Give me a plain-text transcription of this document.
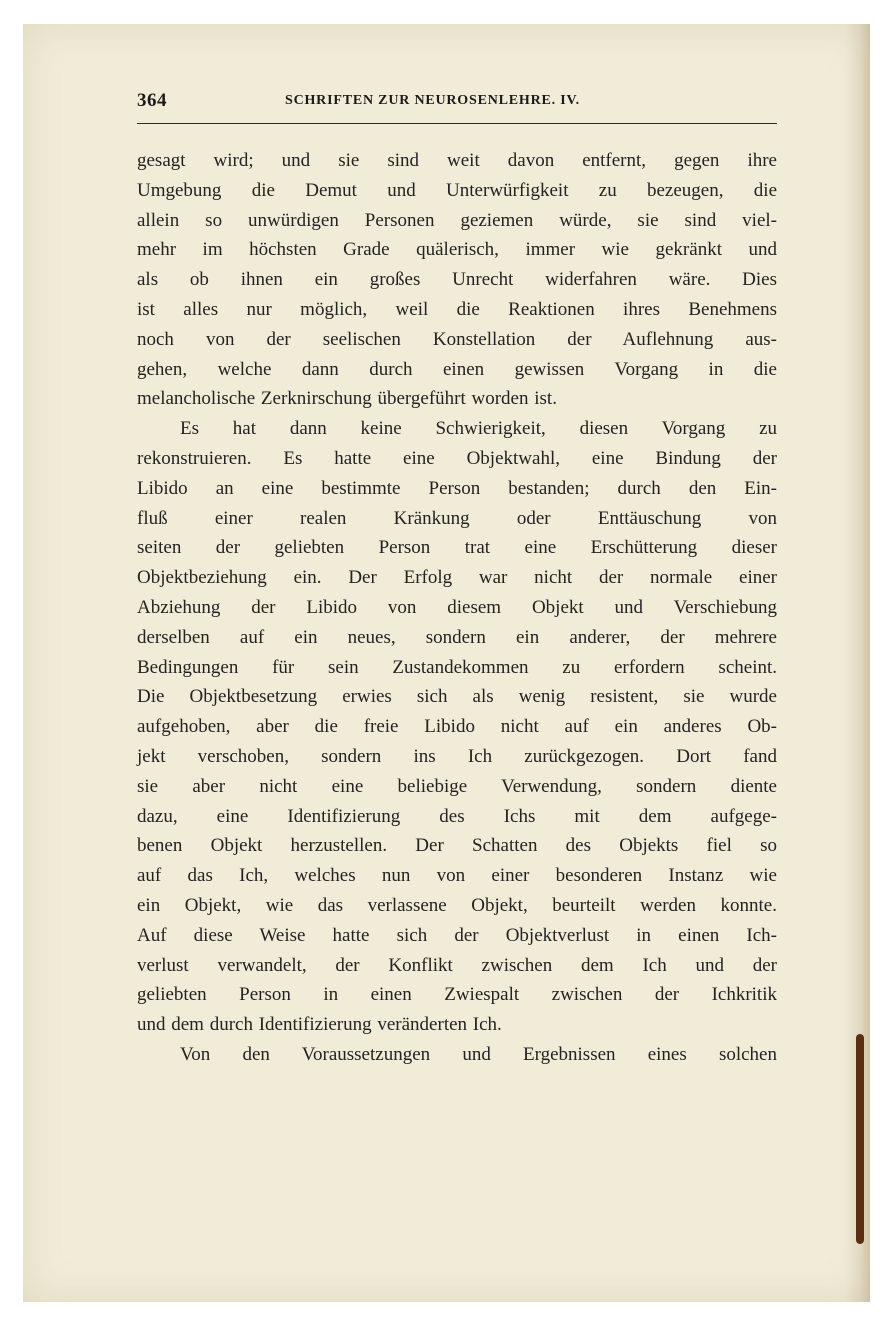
364	SCHRIFTEN ZUR NEUROSENLEHRE. IV.
gesagt wird; und sie sind weit davon entfernt, gegen ihre
Umgebung die Demut und Unterwürfigkeit zu bezeugen, die
allein so unwürdigen Personen geziemen würde, sie sind viel-
mehr im höchsten Grade quälerisch, immer wie gekränkt und
als ob ihnen ein großes Unrecht widerfahren wäre. Dies
ist alles nur möglich, weil die Reaktionen ihres Benehmens
noch von der seelischen Konstellation der Auflehnung aus-
gehen, welche dann durch einen gewissen Vorgang in die
melancholische Zerknirschung übergeführt worden ist.
Es hat dann keine Schwierigkeit, diesen Vorgang zu
rekonstruieren. Es hatte eine Objektwahl, eine Bindung der
Libido an eine bestimmte Person bestanden; durch den Ein-
fluß einer realen Kränkung oder Enttäuschung von
seiten der geliebten Person trat eine Erschütterung dieser
Objektbeziehung ein. Der Erfolg war nicht der normale einer
Abziehung der Libido von diesem Objekt und Verschiebung
derselben auf ein neues, sondern ein anderer, der mehrere
Bedingungen für sein Zustandekommen zu erfordern scheint.
Die Objektbesetzung erwies sich als wenig resistent, sie wurde
aufgehoben, aber die freie Libido nicht auf ein anderes Ob-
jekt verschoben, sondern ins Ich zurückgezogen. Dort fand
sie aber nicht eine beliebige Verwendung, sondern diente
dazu, eine Identifizierung des Ichs mit dem aufgege-
benen Objekt herzustellen. Der Schatten des Objekts fiel so
auf das Ich, welches nun von einer besonderen Instanz wie
ein Objekt, wie das verlassene Objekt, beurteilt werden konnte.
Auf diese Weise hatte sich der Objektverlust in einen Ich-
verlust verwandelt, der Konflikt zwischen dem Ich und der
geliebten Person in einen Zwiespalt zwischen der Ichkritik
und dem durch Identifizierung veränderten Ich.
Von den Voraussetzungen und Ergebnissen eines solchen
